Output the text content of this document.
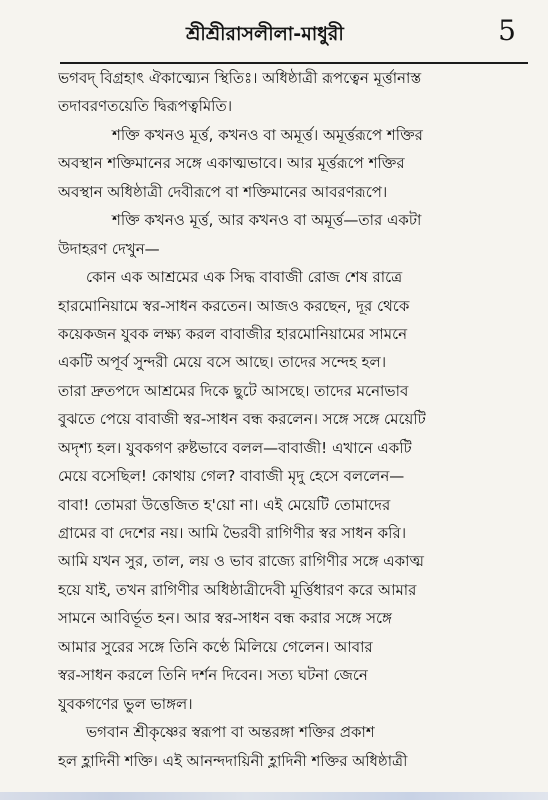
শ্রীশ্রীরাসলীলা-মাধুরী	5
ভগবদ্‌ বিগ্রহাৎ ঐকাত্ম্যেন স্থিতিঃ। অধিষ্ঠাত্রী রূপত্বেন মূর্ত্তানাস্ত
তদাবরণতয়েতি দ্বিরূপত্বমিতি।
শক্তি কখনও মূর্ত্ত, কখনও বা অমূর্ত্ত। অমূর্ত্তরূপে শক্তির
অবস্থান শক্তিমানের সঙ্গে একাত্মভাবে। আর মূর্ত্তরূপে শক্তির
অবস্থান অধিষ্ঠাত্রী দেবীরূপে বা শক্তিমানের আবরণরূপে।
শক্তি কখনও মূর্ত্ত, আর কখনও বা অমূর্ত্ত—তার একটা
উদাহরণ দেখুন—
কোন এক আশ্রমের এক সিদ্ধ বাবাজী রোজ শেষ রাত্রে
হারমোনিয়ামে স্বর-সাধন করতেন। আজও করছেন, দূর থেকে
কয়েকজন যুবক লক্ষ্য করল বাবাজীর হারমোনিয়ামের সামনে
একটি অপূর্ব সুন্দরী মেয়ে বসে আছে। তাদের সন্দেহ হল।
তারা দ্রুতপদে আশ্রমের দিকে ছুটে আসছে। তাদের মনোভাব
বুঝতে পেয়ে বাবাজী স্বর-সাধন বন্ধ করলেন। সঙ্গে সঙ্গে মেয়েটি
অদৃশ্য হল। যুবকগণ রুষ্টভাবে বলল—বাবাজী! এখানে একটি
মেয়ে বসেছিল! কোথায় গেল? বাবাজী মৃদু হেসে বললেন—
বাবা! তোমরা উত্তেজিত হ'য়ো না। এই মেয়েটি তোমাদের
গ্রামের বা দেশের নয়। আমি ভৈরবী রাগিণীর স্বর সাধন করি।
আমি যখন সুর, তাল, লয় ও ভাব রাজ্যে রাগিণীর সঙ্গে একাত্ম
হয়ে যাই, তখন রাগিণীর অধিষ্ঠাত্রীদেবী মূর্ত্তিধারণ করে আমার
সামনে আবির্ভূত হন। আর স্বর-সাধন বন্ধ করার সঙ্গে সঙ্গে
আমার সুরের সঙ্গে তিনি কণ্ঠে মিলিয়ে গেলেন। আবার
স্বর-সাধন করলে তিনি দর্শন দিবেন। সত্য ঘটনা জেনে
যুবকগণের ভুল ভাঙ্গল।
ভগবান শ্রীকৃষ্ণের স্বরূপা বা অন্তরঙ্গা শক্তির প্রকাশ
হল হ্লাদিনী শক্তি। এই আনন্দদায়িনী হ্লাদিনী শক্তির অধিষ্ঠাত্রী
